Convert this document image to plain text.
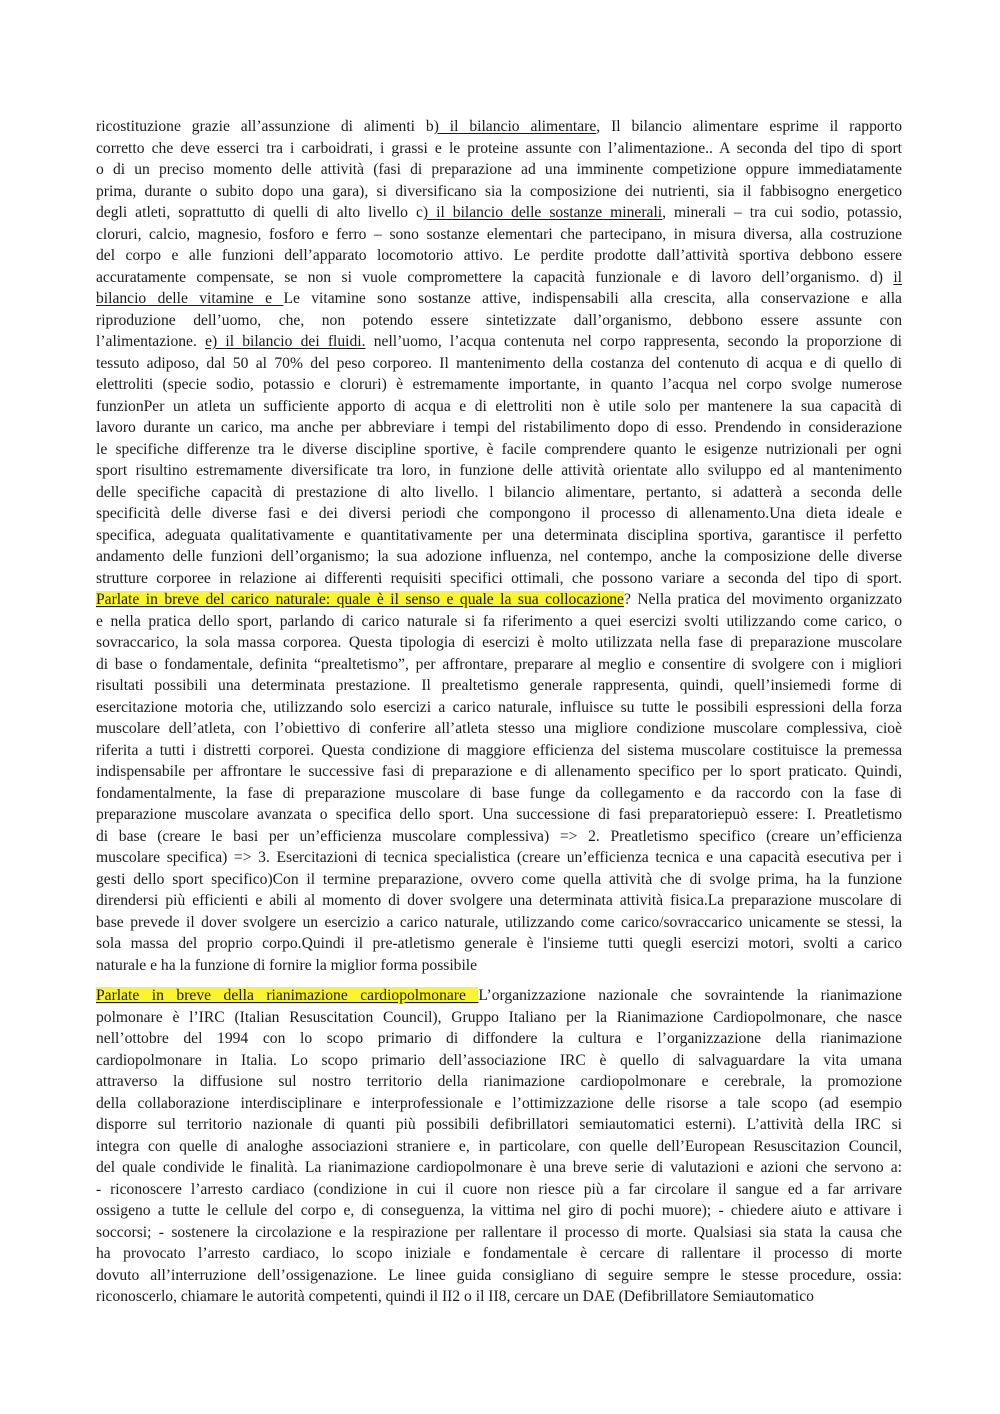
ricostituzione grazie all’assunzione di alimenti b) il bilancio alimentare, Il bilancio alimentare esprime il rapporto
corretto che deve esserci tra i carboidrati, i grassi e le proteine assunte con l’alimentazione.. A seconda del tipo di sport
o di un preciso momento delle attività (fasi di preparazione ad una imminente competizione oppure immediatamente
prima, durante o subito dopo una gara), si diversificano sia la composizione dei nutrienti, sia il fabbisogno energetico
degli atleti, soprattutto di quelli di alto livello c) il bilancio delle sostanze minerali, minerali – tra cui sodio, potassio,
cloruri, calcio, magnesio, fosforo e ferro – sono sostanze elementari che partecipano, in misura diversa, alla costruzione
del corpo e alle funzioni dell’apparato locomotorio attivo. Le perdite prodotte dall’attività sportiva debbono essere
accuratamente compensate, se non si vuole compromettere la capacità funzionale e di lavoro dell’organismo. d) il
bilancio delle vitamine e Le vitamine sono sostanze attive, indispensabili alla crescita, alla conservazione e alla
riproduzione dell’uomo, che, non potendo essere sintetizzate dall’organismo, debbono essere assunte con
l’alimentazione. e) il bilancio dei fluidi. nell’uomo, l’acqua contenuta nel corpo rappresenta, secondo la proporzione di
tessuto adiposo, dal 50 al 70% del peso corporeo. Il mantenimento della costanza del contenuto di acqua e di quello di
elettroliti (specie sodio, potassio e cloruri) è estremamente importante, in quanto l’acqua nel corpo svolge numerose
funzionPer un atleta un sufficiente apporto di acqua e di elettroliti non è utile solo per mantenere la sua capacità di
lavoro durante un carico, ma anche per abbreviare i tempi del ristabilimento dopo di esso. Prendendo in considerazione
le specifiche differenze tra le diverse discipline sportive, è facile comprendere quanto le esigenze nutrizionali per ogni
sport risultino estremamente diversificate tra loro, in funzione delle attività orientate allo sviluppo ed al mantenimento
delle specifiche capacità di prestazione di alto livello. l bilancio alimentare, pertanto, si adatterà a seconda delle
specificità delle diverse fasi e dei diversi periodi che compongono il processo di allenamento.Una dieta ideale e
specifica, adeguata qualitativamente e quantitativamente per una determinata disciplina sportiva, garantisce il perfetto
andamento delle funzioni dell’organismo; la sua adozione influenza, nel contempo, anche la composizione delle diverse
strutture corporee in relazione ai differenti requisiti specifici ottimali, che possono variare a seconda del tipo di sport.
Parlate in breve del carico naturale: quale è il senso e quale la sua collocazione? Nella pratica del movimento organizzato
e nella pratica dello sport, parlando di carico naturale si fa riferimento a quei esercizi svolti utilizzando come carico, o
sovraccarico, la sola massa corporea. Questa tipologia di esercizi è molto utilizzata nella fase di preparazione muscolare
di base o fondamentale, definita “prealtetismo”, per affrontare, preparare al meglio e consentire di svolgere con i migliori
risultati possibili una determinata prestazione. Il prealtetismo generale rappresenta, quindi, quell’insiemedi forme di
esercitazione motoria che, utilizzando solo esercizi a carico naturale, influisce su tutte le possibili espressioni della forza
muscolare dell’atleta, con l’obiettivo di conferire all’atleta stesso una migliore condizione muscolare complessiva, cioè
riferita a tutti i distretti corporei. Questa condizione di maggiore efficienza del sistema muscolare costituisce la premessa
indispensabile per affrontare le successive fasi di preparazione e di allenamento specifico per lo sport praticato. Quindi,
fondamentalmente, la fase di preparazione muscolare di base funge da collegamento e da raccordo con la fase di
preparazione muscolare avanzata o specifica dello sport. Una successione di fasi preparatoriepuò essere: I. Preatletismo
di base (creare le basi per un’efficienza muscolare complessiva) => 2. Preatletismo specifico (creare un’efficienza
muscolare specifica) => 3. Esercitazioni di tecnica specialistica (creare un’efficienza tecnica e una capacità esecutiva per i
gesti dello sport specifico)Con il termine preparazione, ovvero come quella attività che di svolge prima, ha la funzione
direndersi più efficienti e abili al momento di dover svolgere una determinata attività fisica.La preparazione muscolare di
base prevede il dover svolgere un esercizio a carico naturale, utilizzando come carico/sovraccarico unicamente se stessi, la
sola massa del proprio corpo.Quindi il pre-atletismo generale è l'insieme tutti quegli esercizi motori, svolti a carico
naturale e ha la funzione di fornire la miglior forma possibile
Parlate in breve della rianimazione cardiopolmonare L’organizzazione nazionale che sovraintende la rianimazione
polmonare è l’IRC (Italian Resuscitation Council), Gruppo Italiano per la Rianimazione Cardiopolmonare, che nasce
nell’ottobre del 1994 con lo scopo primario di diffondere la cultura e l’organizzazione della rianimazione
cardiopolmonare in Italia. Lo scopo primario dell’associazione IRC è quello di salvaguardare la vita umana
attraverso la diffusione sul nostro territorio della rianimazione cardiopolmonare e cerebrale, la promozione
della collaborazione interdisciplinare e interprofessionale e l’ottimizzazione delle risorse a tale scopo (ad esempio
disporre sul territorio nazionale di quanti più possibili defibrillatori semiautomatici esterni). L’attività della IRC si
integra con quelle di analoghe associazioni straniere e, in particolare, con quelle dell’European Resuscitazion Council,
del quale condivide le finalità. La rianimazione cardiopolmonare è una breve serie di valutazioni e azioni che servono a:
- riconoscere l’arresto cardiaco (condizione in cui il cuore non riesce più a far circolare il sangue ed a far arrivare
ossigeno a tutte le cellule del corpo e, di conseguenza, la vittima nel giro di pochi muore); - chiedere aiuto e attivare i
soccorsi; - sostenere la circolazione e la respirazione per rallentare il processo di morte. Qualsiasi sia stata la causa che
ha provocato l’arresto cardiaco, lo scopo iniziale e fondamentale è cercare di rallentare il processo di morte
dovuto all’interruzione dell’ossigenazione. Le linee guida consigliano di seguire sempre le stesse procedure, ossia:
riconoscerlo, chiamare le autorità competenti, quindi il II2 o il II8, cercare un DAE (Defibrillatore Semiautomatico
